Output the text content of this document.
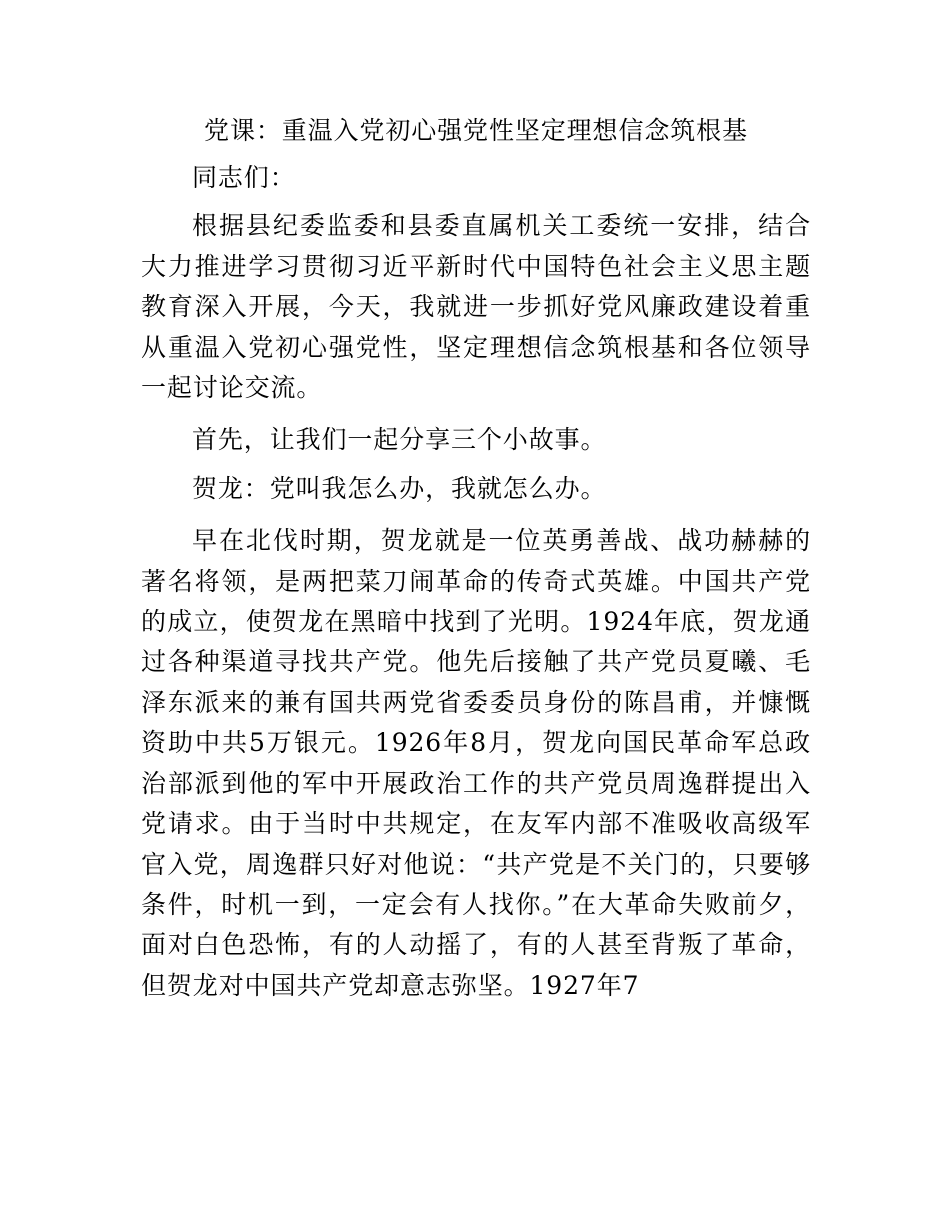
党课：重温入党初心强党性坚定理想信念筑根基

同志们：

根据县纪委监委和县委直属机关工委统一安排，结合大力推进学习贯彻习近平新时代中国特色社会主义思主题教育深入开展，今天，我就进一步抓好党风廉政建设着重从重温入党初心强党性，坚定理想信念筑根基和各位领导一起讨论交流。

首先，让我们一起分享三个小故事。

贺龙：党叫我怎么办，我就怎么办。

早在北伐时期，贺龙就是一位英勇善战、战功赫赫的著名将领，是两把菜刀闹革命的传奇式英雄。中国共产党的成立，使贺龙在黑暗中找到了光明。1924年底，贺龙通过各种渠道寻找共产党。他先后接触了共产党员夏曦、毛泽东派来的兼有国共两党省委委员身份的陈昌甫，并慷慨资助中共5万银元。1926年8月，贺龙向国民革命军总政治部派到他的军中开展政治工作的共产党员周逸群提出入党请求。由于当时中共规定，在友军内部不准吸收高级军官入党，周逸群只好对他说：“共产党是不关门的，只要够条件，时机一到，一定会有人找你。”在大革命失败前夕，面对白色恐怖，有的人动摇了，有的人甚至背叛了革命，但贺龙对中国共产党却意志弥坚。1927年7
